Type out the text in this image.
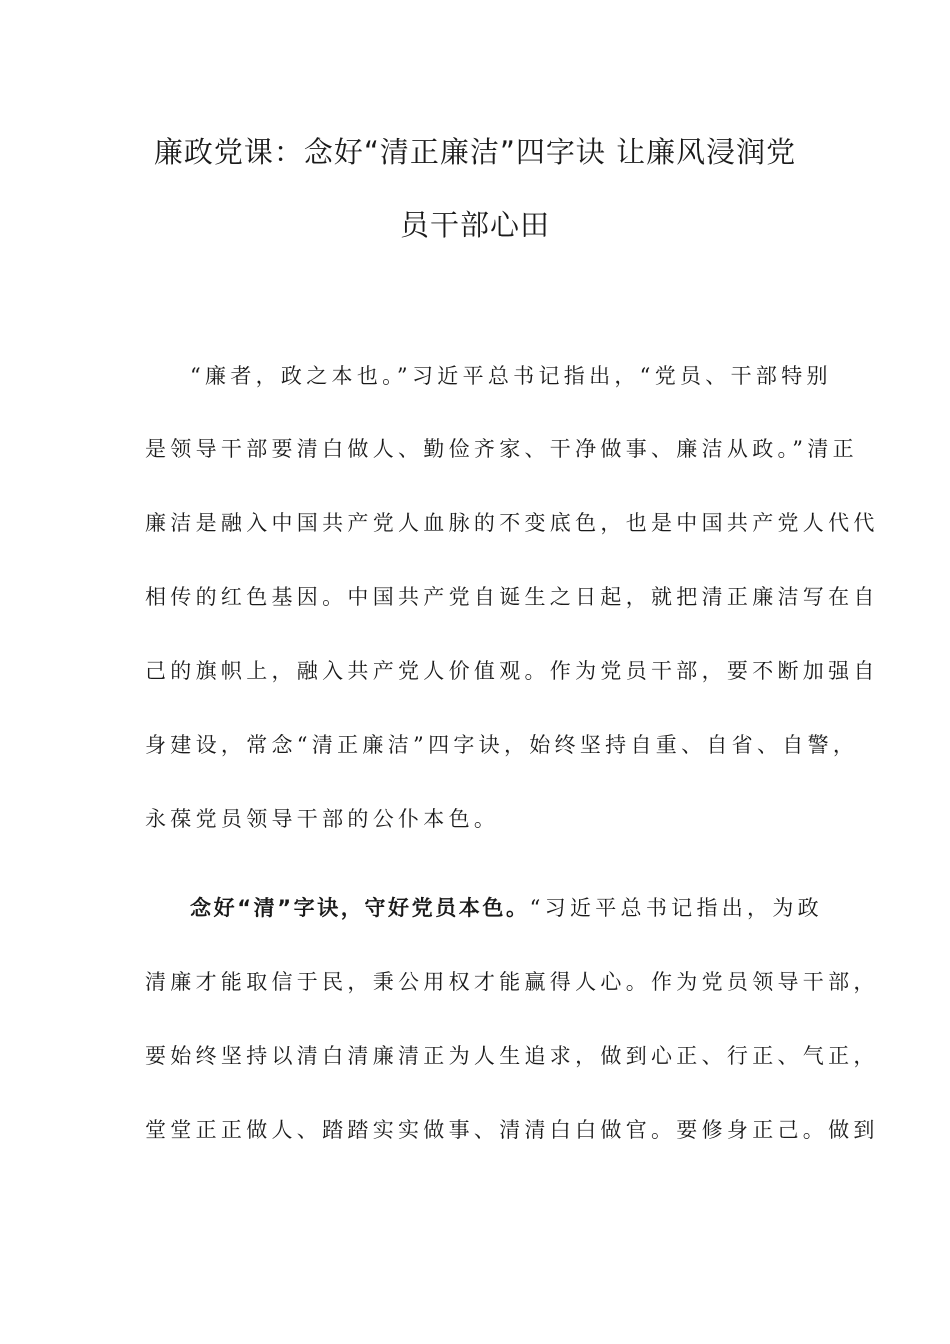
廉政党课：念好“清正廉洁”四字诀 让廉风浸润党
员干部心田

“廉者，政之本也。”习近平总书记指出，“党员、干部特别

是领导干部要清白做人、勤俭齐家、干净做事、廉洁从政。”清正

廉洁是融入中国共产党人血脉的不变底色，也是中国共产党人代代

相传的红色基因。中国共产党自诞生之日起，就把清正廉洁写在自

己的旗帜上，融入共产党人价值观。作为党员干部，要不断加强自

身建设，常念“清正廉洁”四字诀，始终坚持自重、自省、自警，

永葆党员领导干部的公仆本色。

念好“清”字诀，守好党员本色。“习近平总书记指出，为政

清廉才能取信于民，秉公用权才能赢得人心。作为党员领导干部，

要始终坚持以清白清廉清正为人生追求，做到心正、行正、气正，

堂堂正正做人、踏踏实实做事、清清白白做官。要修身正己。做到
